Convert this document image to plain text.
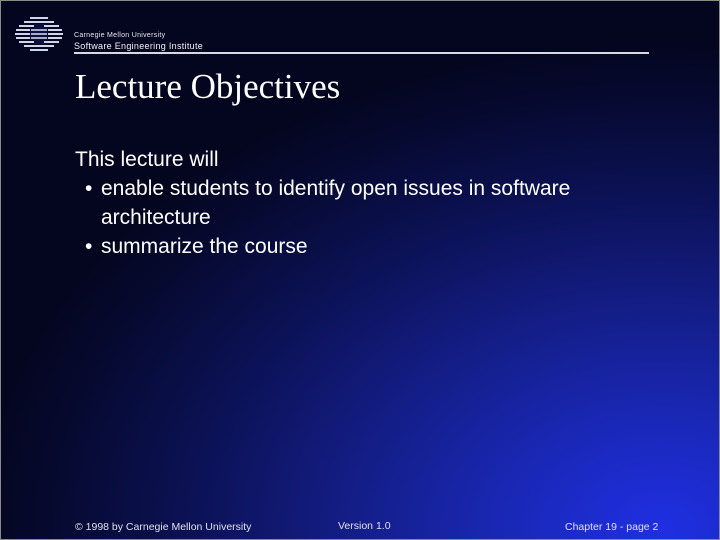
Carnegie Mellon University
Software Engineering Institute
Lecture Objectives
This lecture will
• enable students to identify open issues in software architecture
• summarize the course
© 1998 by Carnegie Mellon University	Version 1.0	Chapter 19 - page 2
